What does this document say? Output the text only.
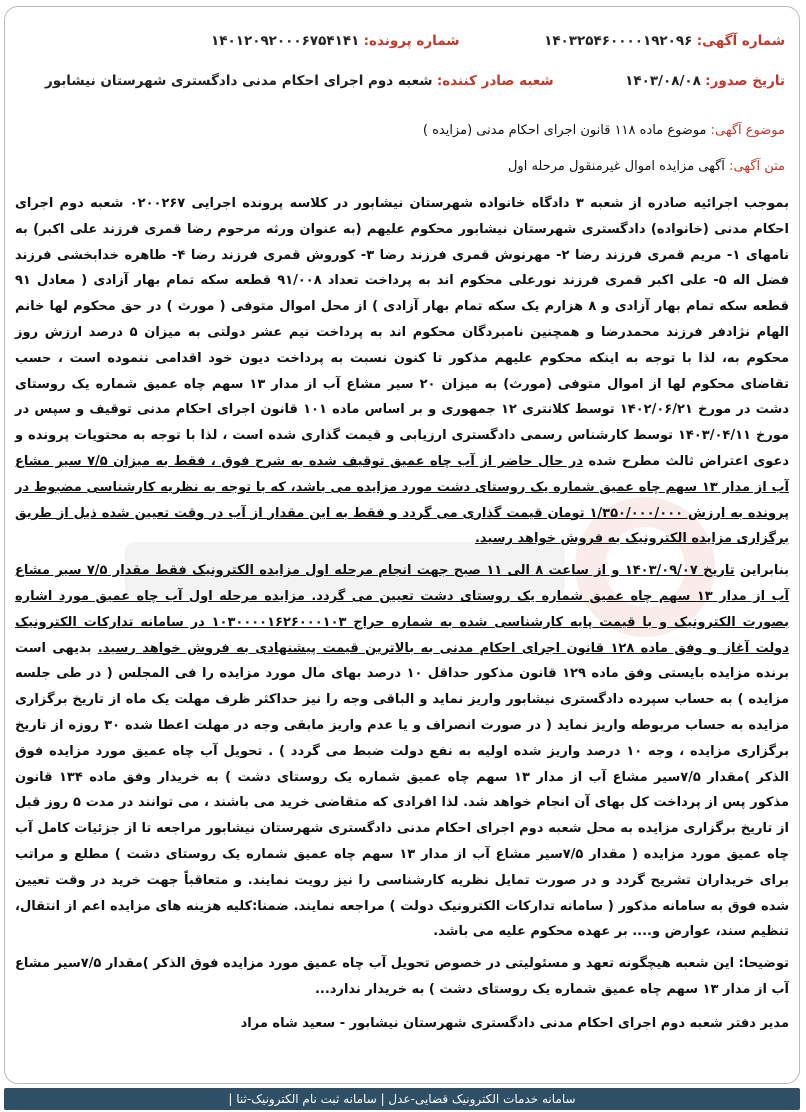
شماره آگهی: ۱۴۰۳۲۵۴۶۰۰۰۰۱۹۲۰۹۶
شماره پرونده: ۱۴۰۱۲۰۹۲۰۰۰۶۷۵۴۱۴۱
تاریخ صدور: ۱۴۰۳/۰۸/۰۸
شعبه صادر کننده: شعبه دوم اجرای احکام مدنی دادگستری شهرستان نیشابور
موضوع آگهی: موضوع ماده ۱۱۸ قانون اجرای احکام مدنی (مزایده )
متن آگهی: آگهی مزایده اموال غیرمنقول مرحله اول

بموجب اجرائیه صادره از شعبه ۳ دادگاه خانواده شهرستان نیشابور در کلاسه پرونده اجرایی ۰۲۰۰۲۶۷ شعبه دوم اجرای احکام مدنی (خانواده) دادگستری شهرستان نیشابور محکوم علیهم (به عنوان ورثه مرحوم رضا قمری فرزند علی اکبر) به نامهای ۱- مریم قمری فرزند رضا ۲- مهرنوش قمری فرزند رضا ۳- کوروش قمری فرزند رضا ۴- طاهره خدابخشی فرزند فضل اله ۵- علی اکبر قمری فرزند نورعلی محکوم اند به پرداخت تعداد ۹۱/۰۰۸ قطعه سکه تمام بهار آزادی ( معادل ۹۱ قطعه سکه تمام بهار آزادی و ۸ هزارم یک سکه تمام بهار آزادی ) از محل اموال متوفی ( مورث ) در حق محکوم لها خانم الهام نژادفر فرزند محمدرضا و همچنین نامبردگان محکوم اند به پرداخت نیم عشر دولتی به میزان ۵ درصد ارزش روز محکوم به، لذا با توجه به اینکه محکوم علیهم مذکور تا کنون نسبت به پرداخت دیون خود اقدامی ننموده است ، حسب تقاضای محکوم لها از اموال متوفی (مورث) به میزان ۲۰ سیر مشاع آب از مدار ۱۳ سهم چاه عمیق شماره یک روستای دشت در مورخ ۱۴۰۲/۰۶/۲۱ توسط کلانتری ۱۲ جمهوری و بر اساس ماده ۱۰۱ قانون اجرای احکام مدنی توقیف و سپس در مورخ ۱۴۰۳/۰۴/۱۱ توسط کارشناس رسمی دادگستری ارزیابی و قیمت گذاری شده است ، لذا با توجه به محتویات پرونده و دعوی اعتراض ثالث مطرح شده در حال حاضر از آب چاه عمیق توقیف شده به شرح فوق ، فقط به میزان ۷/۵ سیر مشاع آب از مدار ۱۳ سهم چاه عمیق شماره یک روستای دشت مورد مزایده می باشد، که با توجه به نظریه کارشناسی مضبوط در پرونده به ارزش ۱/۳۵۰/۰۰۰/۰۰۰ تومان قیمت گذاری می گردد و فقط به این مقدار از آب در وقت تعیین شده ذیل از طریق برگزاری مزایده الکترونیک به فروش خواهد رسید.

بنابراین تاریخ ۱۴۰۳/۰۹/۰۷ و از ساعت ۸ الی ۱۱ صبح جهت انجام مرحله اول مزایده الکترونیک فقط مقدار ۷/۵ سیر مشاع آب از مدار ۱۳ سهم چاه عمیق شماره یک روستای دشت تعیین می گردد. مزایده مرحله اول آب چاه عمیق مورد اشاره بصورت الکترونیک و با قیمت پایه کارشناسی شده به شماره حراج ۱۰۳۰۰۰۰۱۶۲۶۰۰۰۱۰۳ در سامانه تدارکات الکترونیک دولت آغاز و وفق ماده ۱۲۸ قانون اجرای احکام مدنی به بالاترین قیمت پیشنهادی به فروش خواهد رسید. بدیهی است برنده مزایده بایستی وفق ماده ۱۲۹ قانون مذکور حداقل ۱۰ درصد بهای مال مورد مزایده را فی المجلس ( در طی جلسه مزایده ) به حساب سپرده دادگستری نیشابور واریز نماید و الباقی وجه را نیز حداکثر ظرف مهلت یک ماه از تاریخ برگزاری مزایده به حساب مربوطه واریز نماید ( در صورت انصراف و یا عدم واریز مابقی وجه در مهلت اعطا شده ۳۰ روزه از تاریخ برگزاری مزایده ، وجه ۱۰ درصد واریز شده اولیه به نفع دولت ضبط می گردد ) . تحویل آب چاه عمیق مورد مزایده فوق الذکر )مقدار ۷/۵سیر مشاع آب از مدار ۱۳ سهم چاه عمیق شماره یک روستای دشت ) به خریدار وفق ماده ۱۳۴ قانون مذکور پس از پرداخت کل بهای آن انجام خواهد شد. لذا افرادی که متقاضی خرید می باشند ، می توانند در مدت ۵ روز قبل از تاریخ برگزاری مزایده به محل شعبه دوم اجرای احکام مدنی دادگستری شهرستان نیشابور مراجعه تا از جزئیات کامل آب چاه عمیق مورد مزایده ( مقدار ۷/۵سیر مشاع آب از مدار ۱۳ سهم چاه عمیق شماره یک روستای دشت ) مطلع و مراتب برای خریداران تشریح گردد و در صورت تمایل نظریه کارشناسی را نیز رویت نمایند. و متعاقباً جهت خرید در وقت تعیین شده فوق به سامانه مذکور ( سامانه تدارکات الکترونیک دولت ) مراجعه نمایند. ضمنا:کلیه هزینه های مزایده اعم از انتقال، تنظیم سند، عوارض و.... بر عهده محکوم علیه می باشد.

توضیحا: این شعبه هیچگونه تعهد و مسئولیتی در خصوص تحویل آب چاه عمیق مورد مزایده فوق الذکر )مقدار ۷/۵سیر مشاع آب از مدار ۱۳ سهم چاه عمیق شماره یک روستای دشت ) به خریدار ندارد...

مدیر دفتر شعبه دوم اجرای احکام مدنی دادگستری شهرستان نیشابور - سعید شاه مراد

سامانه خدمات الکترونیک قضایی-عدل | سامانه ثبت نام الکترونیک-ثنا |
